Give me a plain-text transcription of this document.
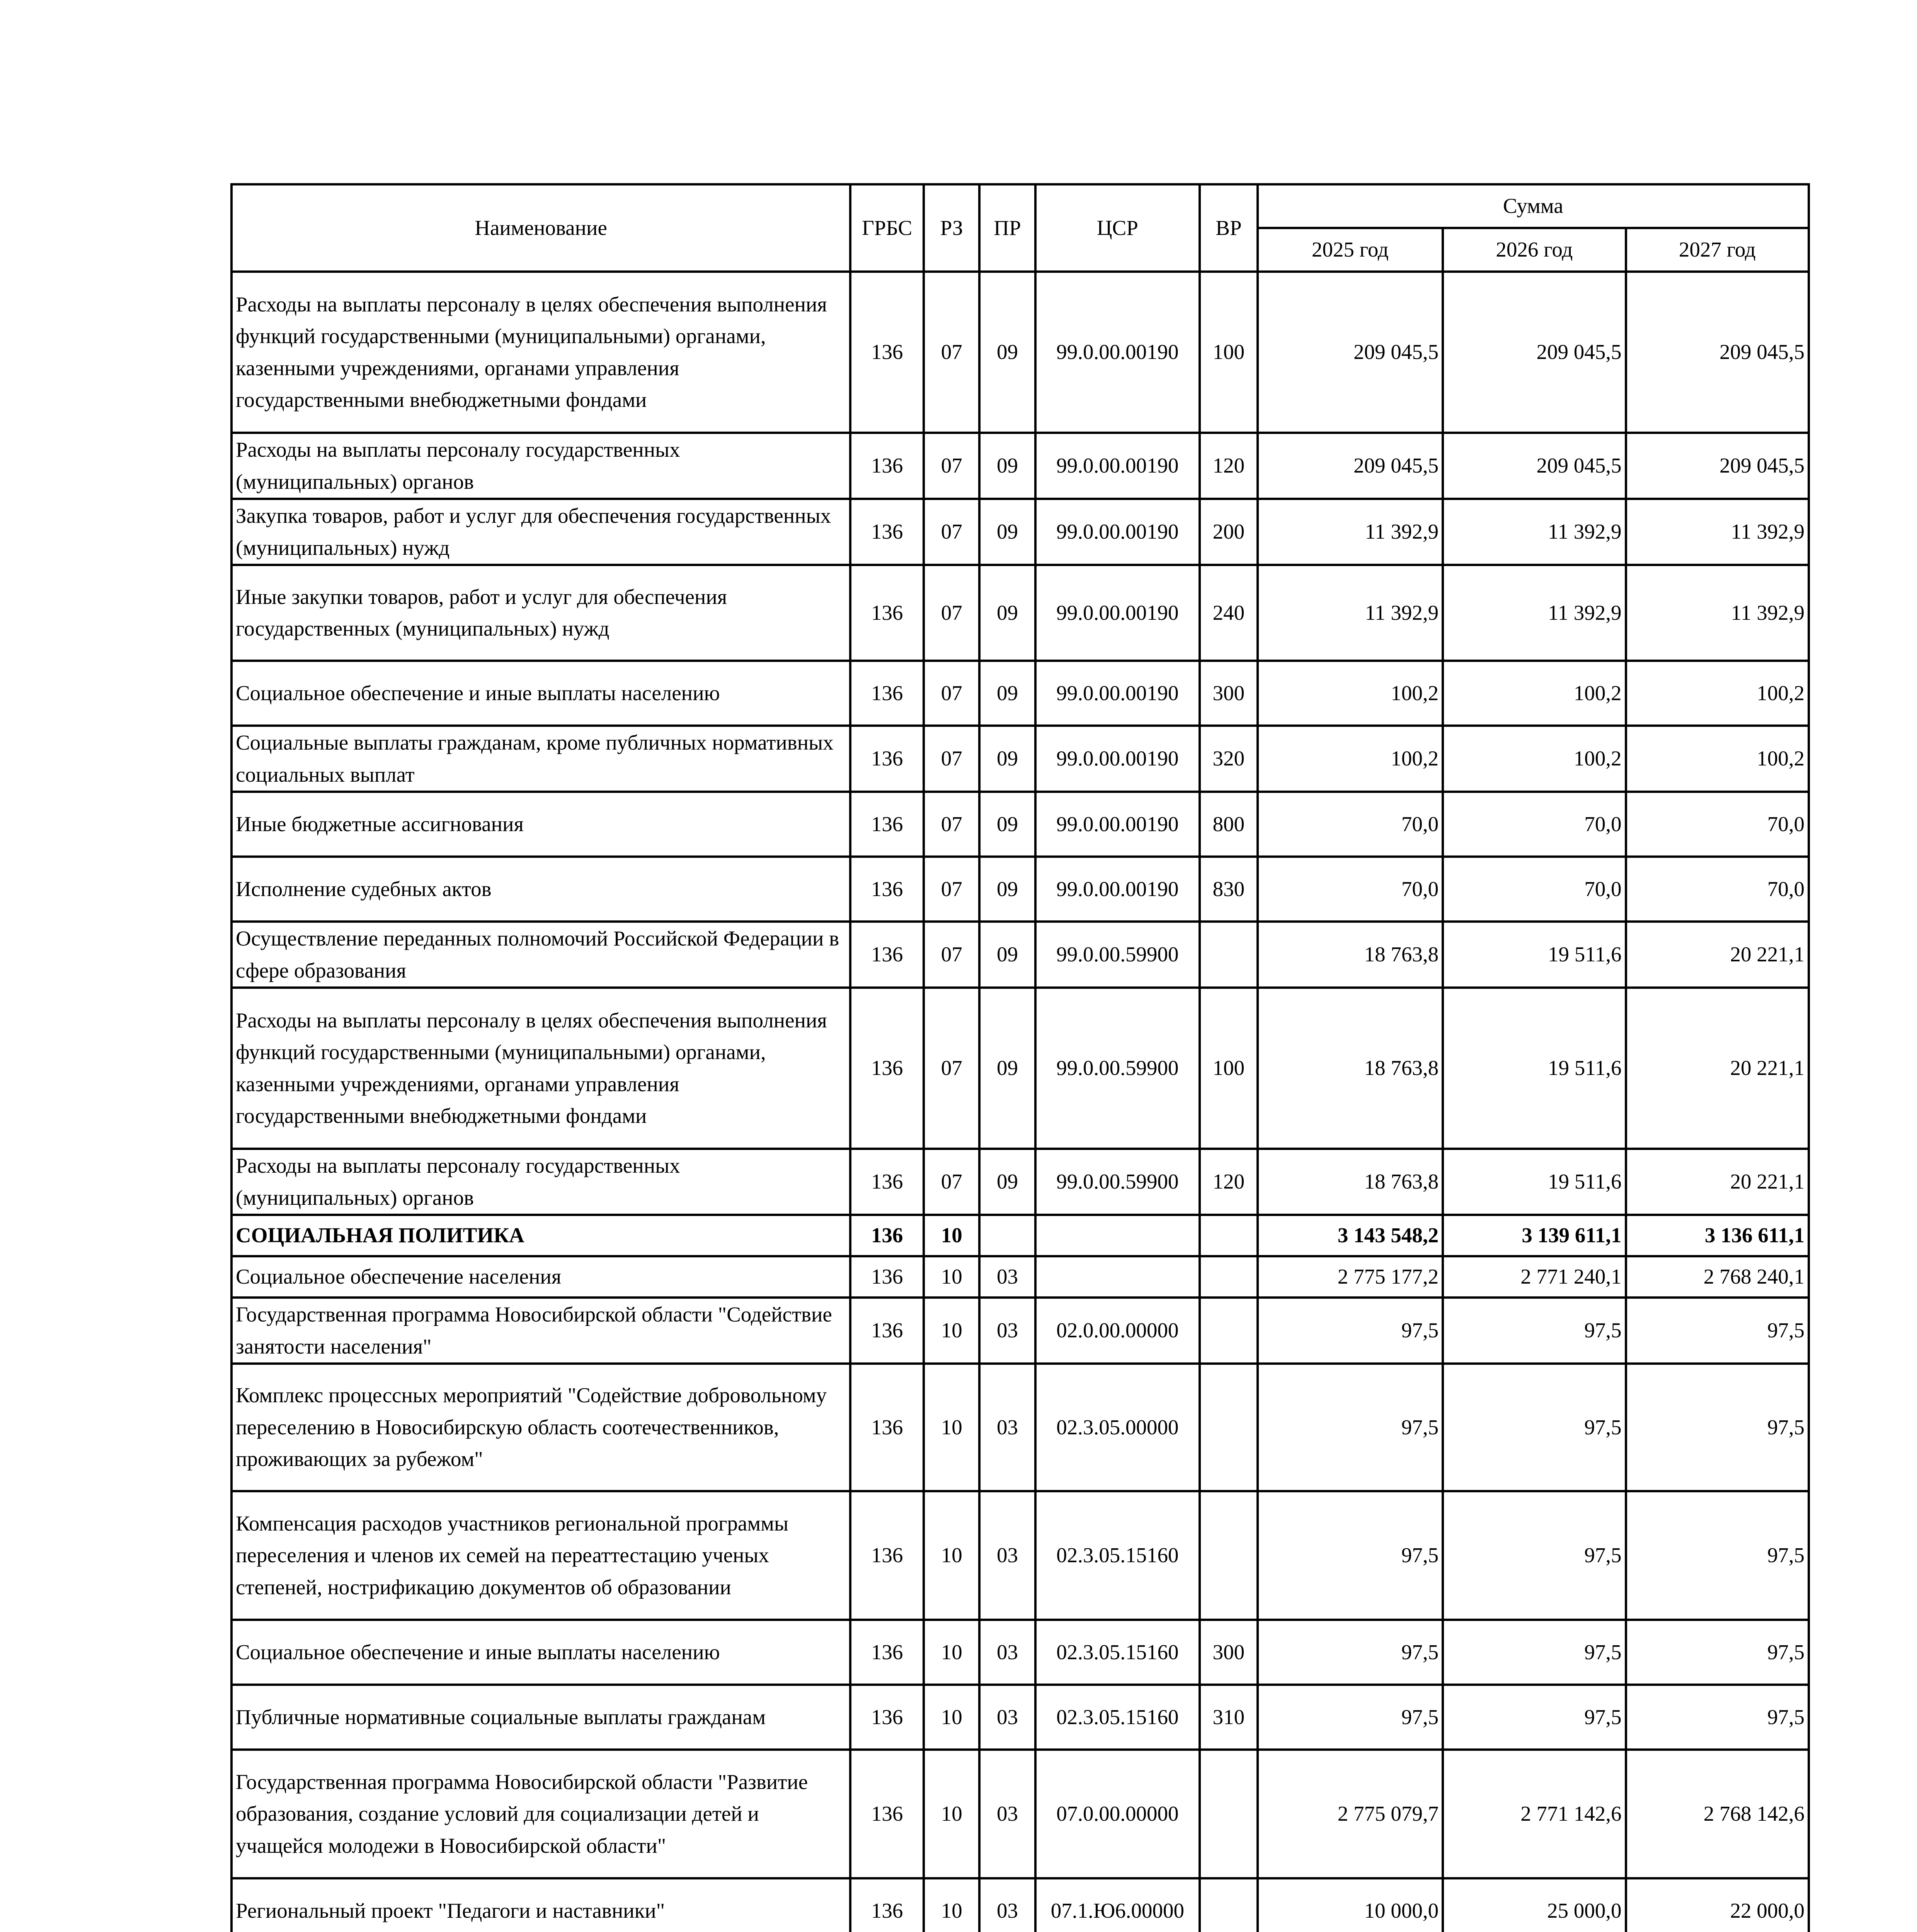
Наименование	ГРБС	РЗ	ПР	ЦСР	ВР	Сумма		
						2025 год	2026 год	2027 год
Расходы на выплаты персоналу в целях обеспечения выполнения функций государственными (муниципальными) органами, казенными учреждениями, органами управления государственными внебюджетными фондами	136	07	09	99.0.00.00190	100	209 045,5	209 045,5	209 045,5
Расходы на выплаты персоналу государственных (муниципальных) органов	136	07	09	99.0.00.00190	120	209 045,5	209 045,5	209 045,5
Закупка товаров, работ и услуг для обеспечения государственных (муниципальных) нужд	136	07	09	99.0.00.00190	200	11 392,9	11 392,9	11 392,9
Иные закупки товаров, работ и услуг для обеспечения государственных (муниципальных) нужд	136	07	09	99.0.00.00190	240	11 392,9	11 392,9	11 392,9
Социальное обеспечение и иные выплаты населению	136	07	09	99.0.00.00190	300	100,2	100,2	100,2
Социальные выплаты гражданам, кроме публичных нормативных социальных выплат	136	07	09	99.0.00.00190	320	100,2	100,2	100,2
Иные бюджетные ассигнования	136	07	09	99.0.00.00190	800	70,0	70,0	70,0
Исполнение судебных актов	136	07	09	99.0.00.00190	830	70,0	70,0	70,0
Осуществление переданных полномочий Российской Федерации в сфере образования	136	07	09	99.0.00.59900		18 763,8	19 511,6	20 221,1
Расходы на выплаты персоналу в целях обеспечения выполнения функций государственными (муниципальными) органами, казенными учреждениями, органами управления государственными внебюджетными фондами	136	07	09	99.0.00.59900	100	18 763,8	19 511,6	20 221,1
Расходы на выплаты персоналу государственных (муниципальных) органов	136	07	09	99.0.00.59900	120	18 763,8	19 511,6	20 221,1
СОЦИАЛЬНАЯ ПОЛИТИКА	136	10				3 143 548,2	3 139 611,1	3 136 611,1
Социальное обеспечение населения	136	10	03			2 775 177,2	2 771 240,1	2 768 240,1
Государственная программа Новосибирской области "Содействие занятости населения"	136	10	03	02.0.00.00000		97,5	97,5	97,5
Комплекс процессных мероприятий "Содействие добровольному переселению в Новосибирскую область соотечественников, проживающих за рубежом"	136	10	03	02.3.05.00000		97,5	97,5	97,5
Компенсация расходов участников региональной программы переселения и членов их семей на переаттестацию ученых степеней, нострификацию документов об образовании	136	10	03	02.3.05.15160		97,5	97,5	97,5
Социальное обеспечение и иные выплаты населению	136	10	03	02.3.05.15160	300	97,5	97,5	97,5
Публичные нормативные социальные выплаты гражданам	136	10	03	02.3.05.15160	310	97,5	97,5	97,5
Государственная программа Новосибирской области "Развитие образования, создание условий для социализации детей и учащейся молодежи в Новосибирской области"	136	10	03	07.0.00.00000		2 775 079,7	2 771 142,6	2 768 142,6
Региональный проект "Педагоги и наставники"	136	10	03	07.1.Ю6.00000		10 000,0	25 000,0	22 000,0
